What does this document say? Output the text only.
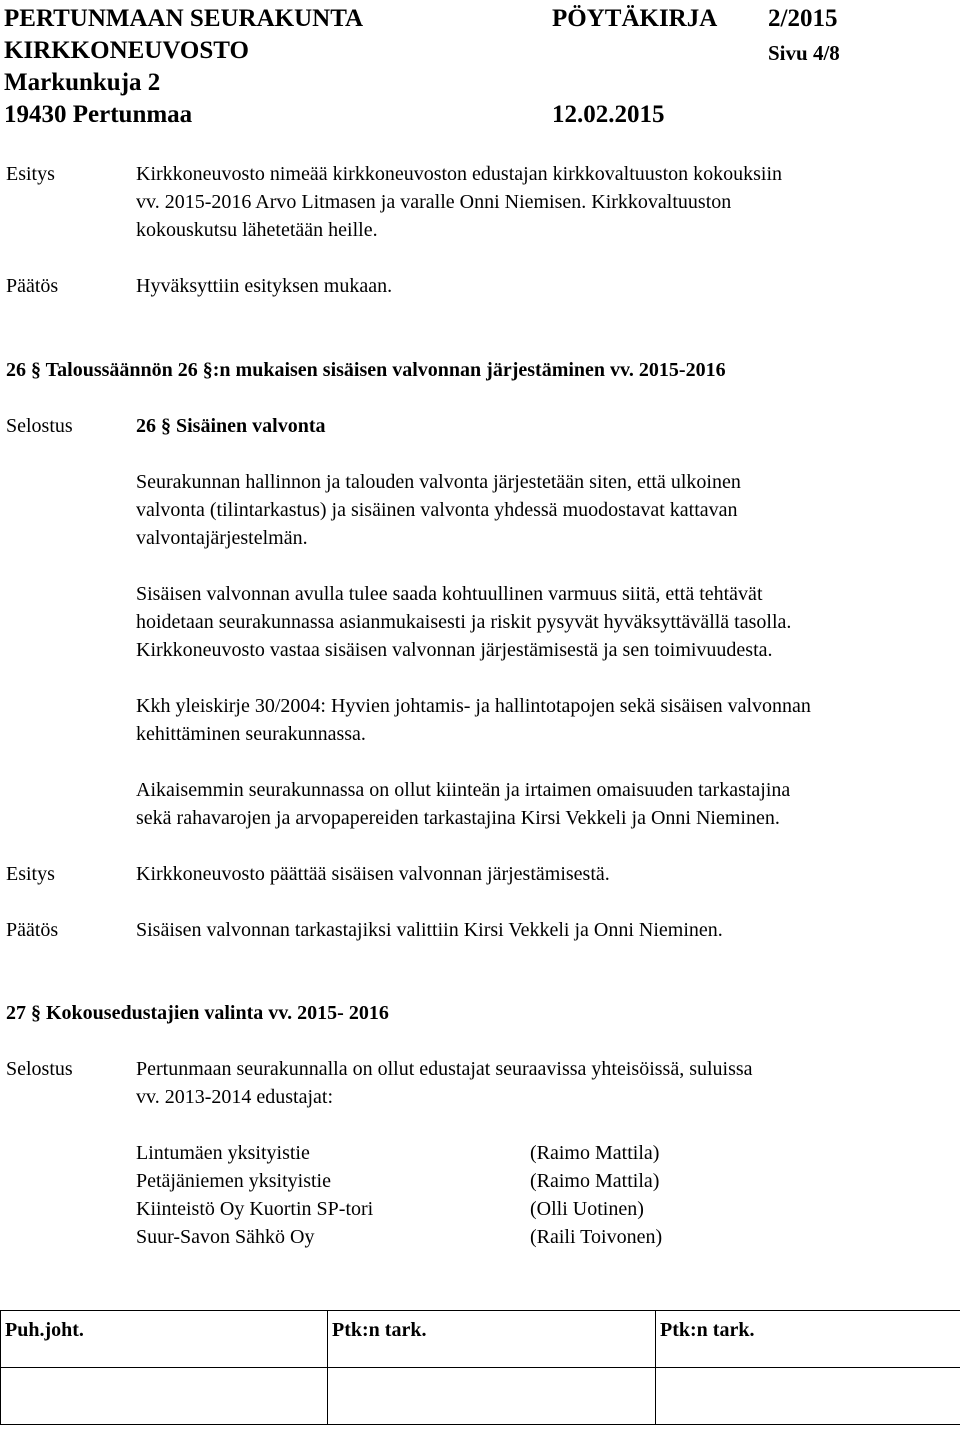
PERTUNMAAN SEURAKUNTA	PÖYTÄKIRJA 2/2015
KIRKKONEUVOSTO	Sivu 4/8
Markunkuja 2
19430 Pertunmaa	12.02.2015
Esitys	Kirkkoneuvosto nimeää kirkkoneuvoston edustajan kirkkovaltuuston kokouksiin
vv. 2015-2016 Arvo Litmasen ja varalle Onni Niemisen. Kirkkovaltuuston
kokouskutsu lähetetään heille.
Päätös	Hyväksyttiin esityksen mukaan.
26 § Taloussäännön 26 §:n mukaisen sisäisen valvonnan järjestäminen vv. 2015-2016
Selostus	26 § Sisäinen valvonta
Seurakunnan hallinnon ja talouden valvonta järjestetään siten, että ulkoinen
valvonta (tilintarkastus) ja sisäinen valvonta yhdessä muodostavat kattavan
valvontajärjestelmän.
Sisäisen valvonnan avulla tulee saada kohtuullinen varmuus siitä, että tehtävät
hoidetaan seurakunnassa asianmukaisesti ja riskit pysyvät hyväksyttävällä tasolla.
Kirkkoneuvosto vastaa sisäisen valvonnan järjestämisestä ja sen toimivuudesta.
Kkh yleiskirje 30/2004: Hyvien johtamis- ja hallintotapojen sekä sisäisen valvonnan
kehittäminen seurakunnassa.
Aikaisemmin seurakunnassa on ollut kiinteän ja irtaimen omaisuuden tarkastajina
sekä rahavarojen ja arvopapereiden tarkastajina Kirsi Vekkeli ja Onni Nieminen.
Esitys	Kirkkoneuvosto päättää sisäisen valvonnan järjestämisestä.
Päätös	Sisäisen valvonnan tarkastajiksi valittiin Kirsi Vekkeli ja Onni Nieminen.
27 § Kokousedustajien valinta vv. 2015- 2016
Selostus	Pertunmaan seurakunnalla on ollut edustajat seuraavissa yhteisöissä, suluissa
vv. 2013-2014 edustajat:
Lintumäen yksityistie	(Raimo Mattila)
Petäjäniemen yksityistie	(Raimo Mattila)
Kiinteistö Oy Kuortin SP-tori	(Olli Uotinen)
Suur-Savon Sähkö Oy	(Raili Toivonen)
Puh.joht.	Ptk:n tark.	Ptk:n tark.
